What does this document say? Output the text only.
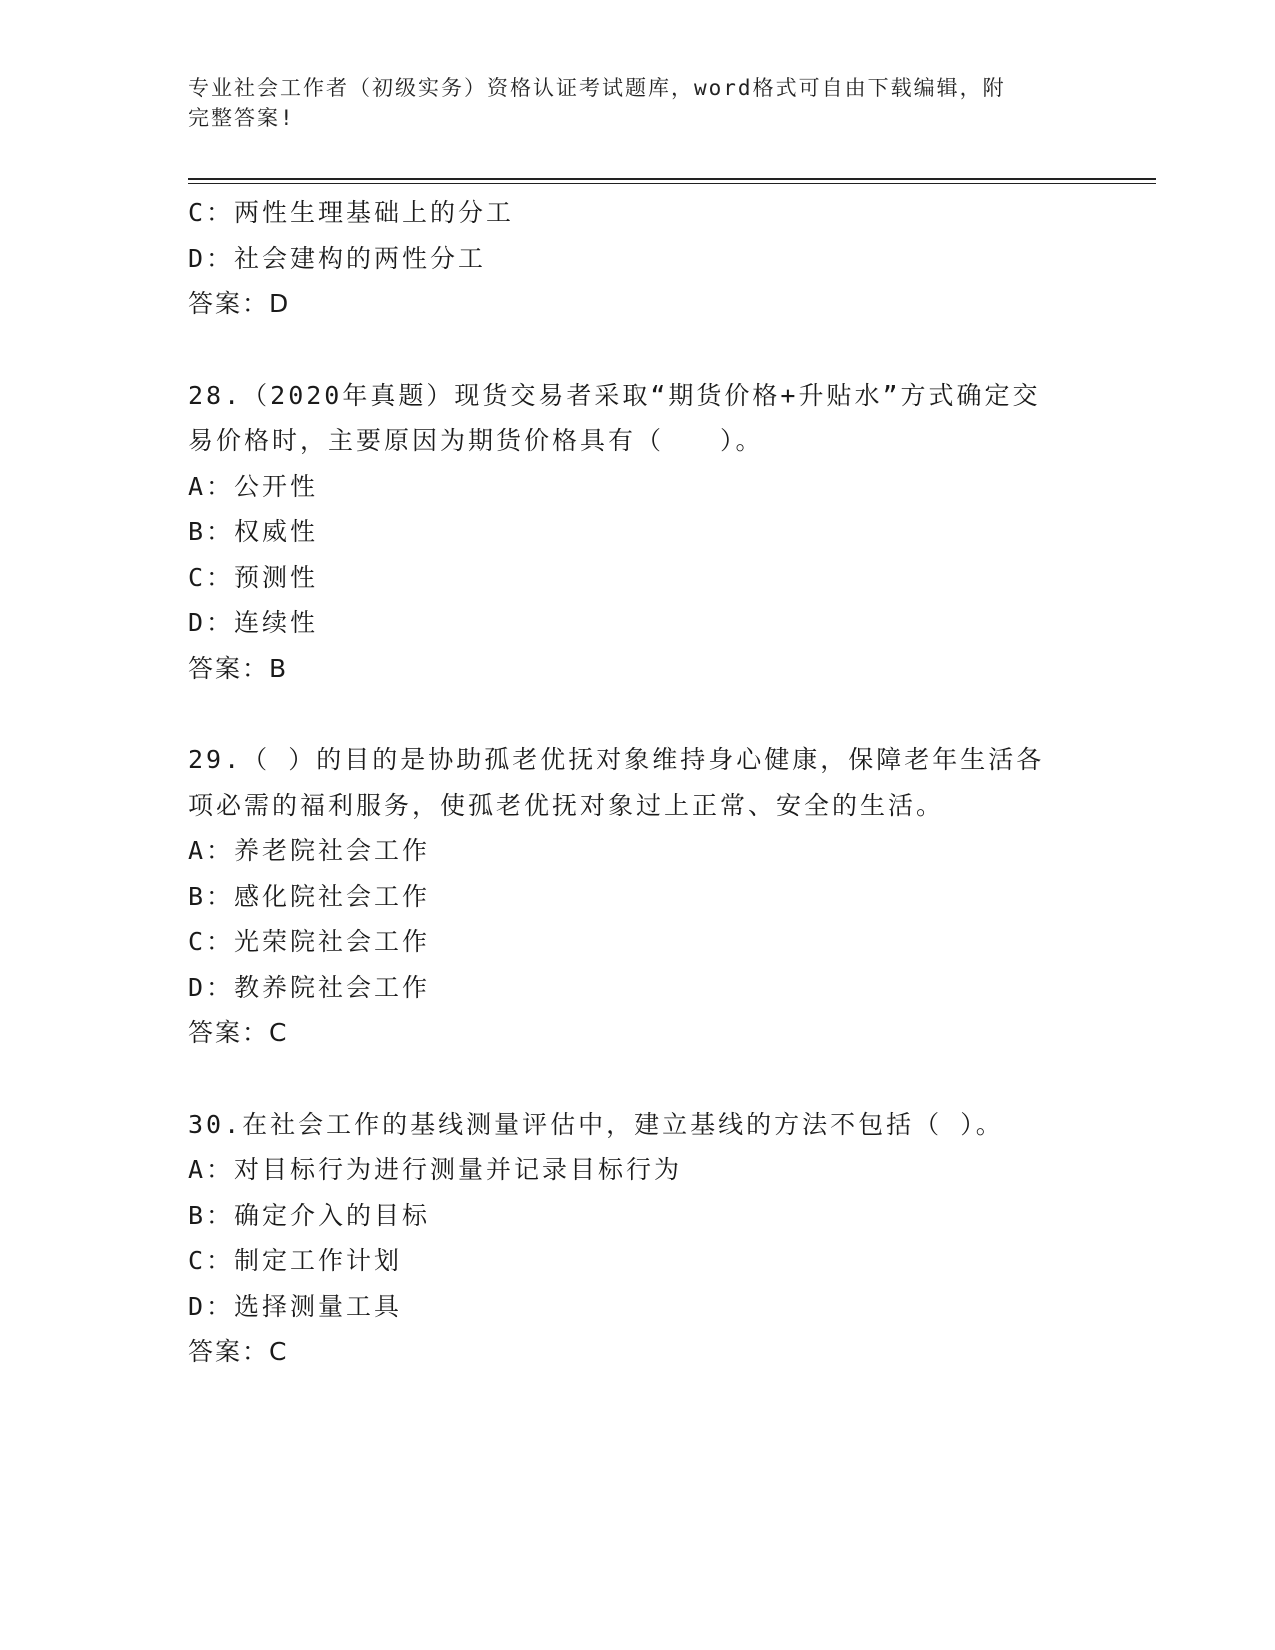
专业社会工作者（初级实务）资格认证考试题库，word格式可自由下载编辑，附
完整答案!
C：两性生理基础上的分工
D：社会建构的两性分工
答案：D
28.（2020年真题）现货交易者采取“期货价格+升贴水”方式确定交
易价格时，主要原因为期货价格具有（　　）。
A：公开性
B：权威性
C：预测性
D：连续性
答案：B
29.（ ）的目的是协助孤老优抚对象维持身心健康，保障老年生活各
项必需的福利服务，使孤老优抚对象过上正常、安全的生活。
A：养老院社会工作
B：感化院社会工作
C：光荣院社会工作
D：教养院社会工作
答案：C
30.在社会工作的基线测量评估中，建立基线的方法不包括（ ）。
A：对目标行为进行测量并记录目标行为
B：确定介入的目标
C：制定工作计划
D：选择测量工具
答案：C
